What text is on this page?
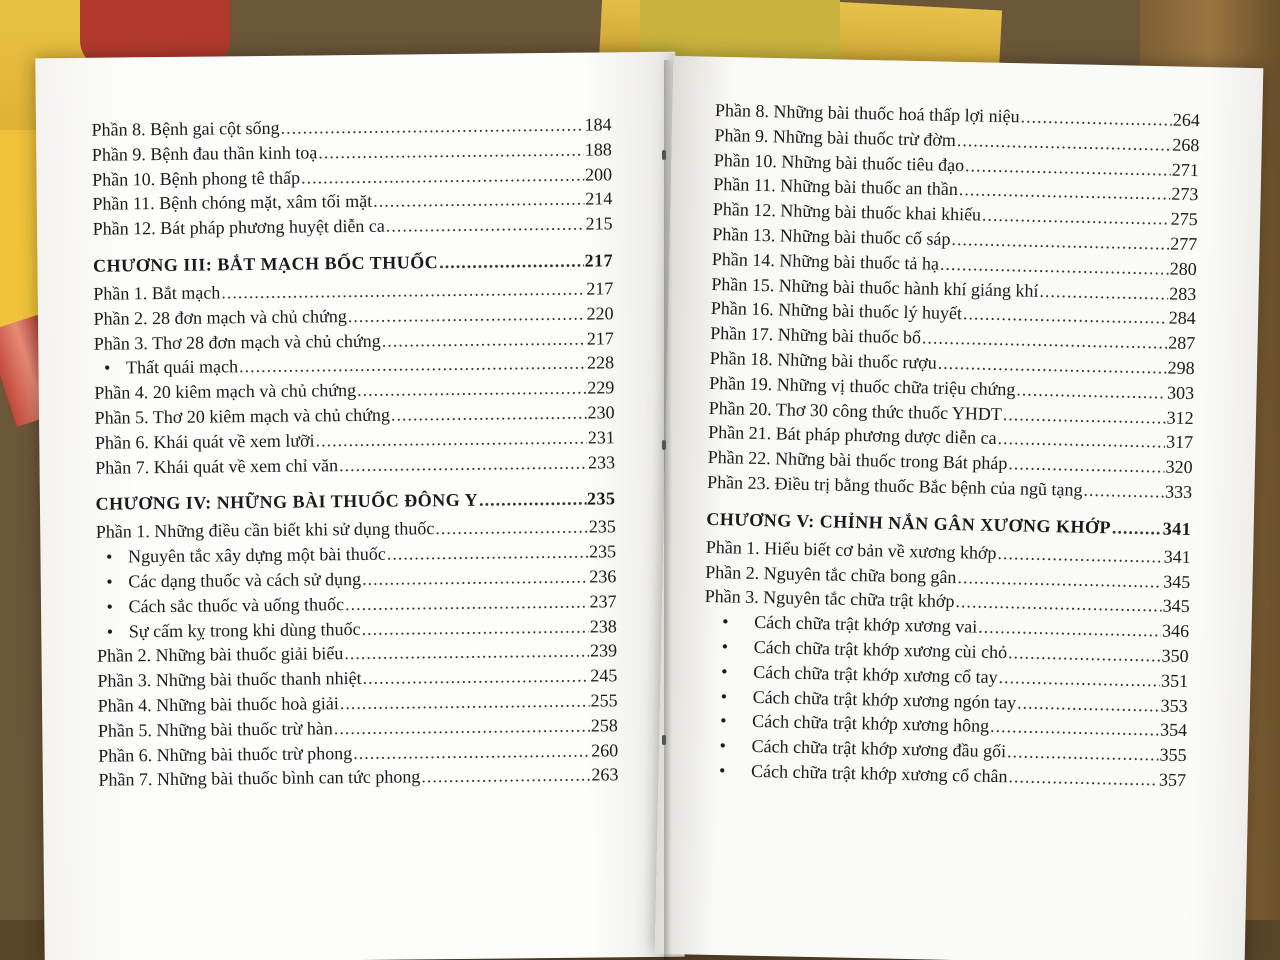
Phần 8. Bệnh gai cột sống .....	184
Phần 9. Bệnh đau thần kinh toạ .....	188
Phần 10. Bệnh phong tê thấp .....	200
Phần 11. Bệnh chóng mặt, xâm tối mặt .....	214
Phần 12. Bát pháp phương huyệt diễn ca .....	215
CHƯƠNG III: BẮT MẠCH BỐC THUỐC .....	217
Phần 1. Bắt mạch .....	217
Phần 2. 28 đơn mạch và chủ chứng .....	220
Phần 3. Thơ 28 đơn mạch và chủ chứng .....	217
• Thất quái mạch .....	228
Phần 4. 20 kiêm mạch và chủ chứng .....	229
Phần 5. Thơ 20 kiêm mạch và chủ chứng .....	230
Phần 6. Khái quát về xem lưỡi .....	231
Phần 7. Khái quát về xem chỉ văn .....	233
CHƯƠNG IV: NHỮNG BÀI THUỐC ĐÔNG Y .....	235
Phần 1. Những điều cần biết khi sử dụng thuốc .....	235
• Nguyên tắc xây dựng một bài thuốc .....	235
• Các dạng thuốc và cách sử dụng .....	236
• Cách sắc thuốc và uống thuốc .....	237
• Sự cấm kỵ trong khi dùng thuốc .....	238
Phần 2. Những bài thuốc giải biểu .....	239
Phần 3. Những bài thuốc thanh nhiệt .....	245
Phần 4. Những bài thuốc hoà giải .....	255
Phần 5. Những bài thuốc trừ hàn .....	258
Phần 6. Những bài thuốc trừ phong .....	260
Phần 7. Những bài thuốc bình can tức phong .....	263
Phần 8. Những bài thuốc hoá thấp lợi niệu .....	264
Phần 9. Những bài thuốc trừ đờm .....	268
Phần 10. Những bài thuốc tiêu đạo .....	271
Phần 11. Những bài thuốc an thần .....	273
Phần 12. Những bài thuốc khai khiếu .....	275
Phần 13. Những bài thuốc cố sáp .....	277
Phần 14. Những bài thuốc tả hạ .....	280
Phần 15. Những bài thuốc hành khí giáng khí .....	283
Phần 16. Những bài thuốc lý huyết .....	284
Phần 17. Những bài thuốc bổ .....	287
Phần 18. Những bài thuốc rượu .....	298
Phần 19. Những vị thuốc chữa triệu chứng .....	303
Phần 20. Thơ 30 công thức thuốc YHDT .....	312
Phần 21. Bát pháp phương dược diễn ca .....	317
Phần 22. Những bài thuốc trong Bát pháp .....	320
Phần 23. Điều trị bằng thuốc Bắc bệnh của ngũ tạng .....	333
CHƯƠNG V: CHỈNH NẮN GÂN XƯƠNG KHỚP .....	341
Phần 1. Hiểu biết cơ bản về xương khớp .....	341
Phần 2. Nguyên tắc chữa bong gân .....	345
Phần 3. Nguyên tắc chữa trật khớp .....	345
• Cách chữa trật khớp xương vai .....	346
• Cách chữa trật khớp xương cùi chỏ .....	350
• Cách chữa trật khớp xương cổ tay .....	351
• Cách chữa trật khớp xương ngón tay .....	353
• Cách chữa trật khớp xương hông .....	354
• Cách chữa trật khớp xương đầu gối .....	355
• Cách chữa trật khớp xương cổ chân .....	357
